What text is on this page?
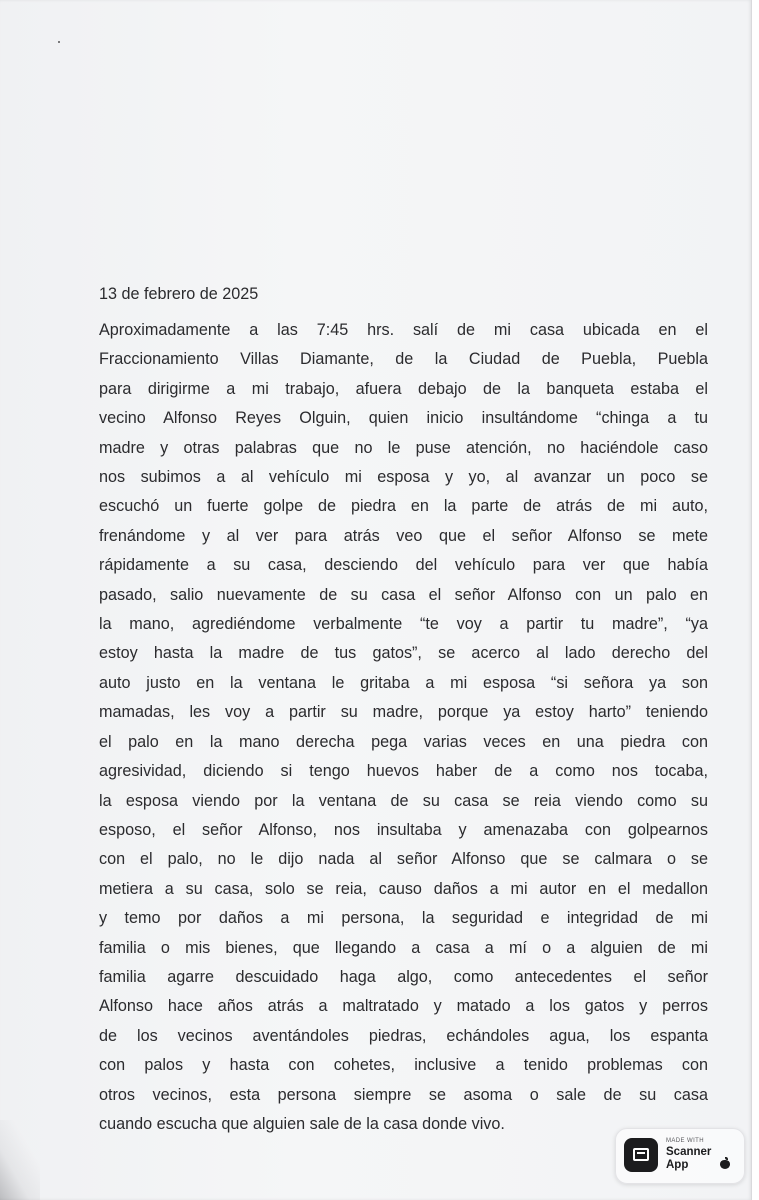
13 de febrero de 2025

Aproximadamente a las 7:45 hrs. salí de mi casa ubicada en el
Fraccionamiento Villas Diamante, de la Ciudad de Puebla, Puebla
para dirigirme a mi trabajo, afuera debajo de la banqueta estaba el
vecino Alfonso Reyes Olguin, quien inicio insultándome “chinga a tu
madre y otras palabras que no le puse atención, no haciéndole caso
nos subimos a al vehículo mi esposa y yo, al avanzar un poco se
escuchó un fuerte golpe de piedra en la parte de atrás de mi auto,
frenándome y al ver para atrás veo que el señor Alfonso se mete
rápidamente a su casa, desciendo del vehículo para ver que había
pasado, salio nuevamente de su casa el señor Alfonso con un palo en
la mano, agrediéndome verbalmente “te voy a partir tu madre”, “ya
estoy hasta la madre de tus gatos”, se acerco al lado derecho del
auto justo en la ventana le gritaba a mi esposa “si señora ya son
mamadas, les voy a partir su madre, porque ya estoy harto” teniendo
el palo en la mano derecha pega varias veces en una piedra con
agresividad, diciendo si tengo huevos haber de a como nos tocaba,
la esposa viendo por la ventana de su casa se reia viendo como su
esposo, el señor Alfonso, nos insultaba y amenazaba con golpearnos
con el palo, no le dijo nada al señor Alfonso que se calmara o se
metiera a su casa, solo se reia, causo daños a mi autor en el medallon
y temo por daños a mi persona, la seguridad e integridad de mi
familia o mis bienes, que llegando a casa a mí o a alguien de mi
familia agarre descuidado haga algo, como antecedentes el señor
Alfonso hace años atrás a maltratado y matado a los gatos y perros
de los vecinos aventándoles piedras, echándoles agua, los espanta
con palos y hasta con cohetes, inclusive a tenido problemas con
otros vecinos, esta persona siempre se asoma o sale de su casa
cuando escucha que alguien sale de la casa donde vivo.
MADE WITH
Scanner App
